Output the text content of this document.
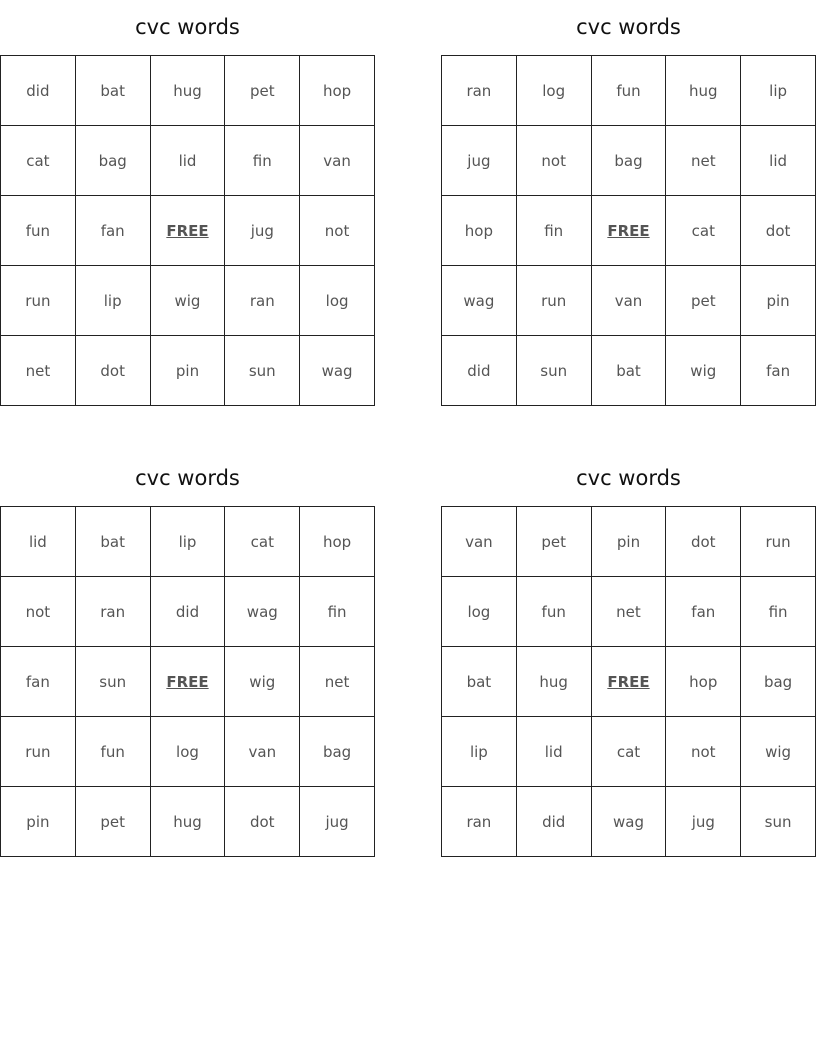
cvc words
did	bat	hug	pet	hop
cat	bag	lid	fin	van
fun	fan	FREE	jug	not
run	lip	wig	ran	log
net	dot	pin	sun	wag
cvc words
ran	log	fun	hug	lip
jug	not	bag	net	lid
hop	fin	FREE	cat	dot
wag	run	van	pet	pin
did	sun	bat	wig	fan
cvc words
lid	bat	lip	cat	hop
not	ran	did	wag	fin
fan	sun	FREE	wig	net
run	fun	log	van	bag
pin	pet	hug	dot	jug
cvc words
van	pet	pin	dot	run
log	fun	net	fan	fin
bat	hug	FREE	hop	bag
lip	lid	cat	not	wig
ran	did	wag	jug	sun
